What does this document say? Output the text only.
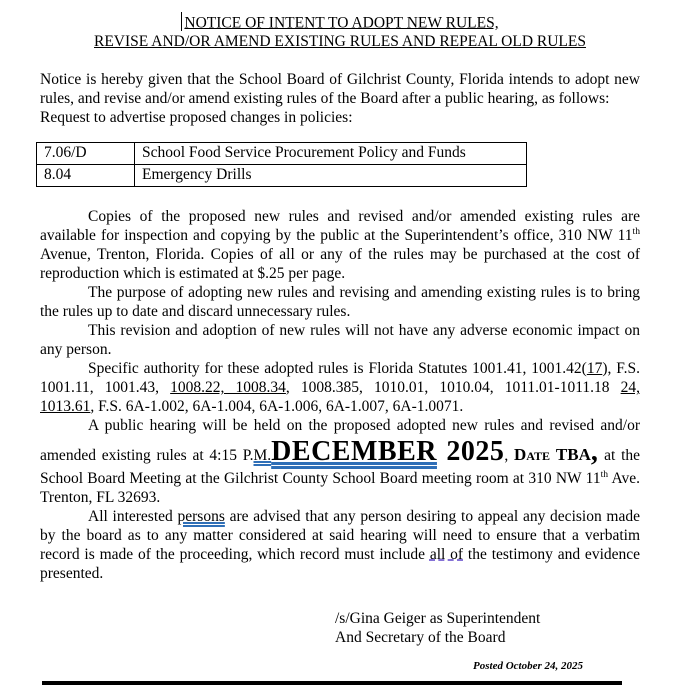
NOTICE OF INTENT TO ADOPT NEW RULES,
REVISE AND/OR AMEND EXISTING RULES AND REPEAL OLD RULES

Notice is hereby given that the School Board of Gilchrist County, Florida intends to adopt new rules, and revise and/or amend existing rules of the Board after a public hearing, as follows:

Request to advertise proposed changes in policies:

7.06/D	School Food Service Procurement Policy and Funds
8.04	Emergency Drills

Copies of the proposed new rules and revised and/or amended existing rules are available for inspection and copying by the public at the Superintendent’s office, 310 NW 11th Avenue, Trenton, Florida. Copies of all or any of the rules may be purchased at the cost of reproduction which is estimated at $.25 per page.

The purpose of adopting new rules and revising and amending existing rules is to bring the rules up to date and discard unnecessary rules.

This revision and adoption of new rules will not have any adverse economic impact on any person.

Specific authority for these adopted rules is Florida Statutes 1001.41, 1001.42(17), F.S. 1001.11, 1001.43, 1008.22, 1008.34, 1008.385, 1010.01, 1010.04, 1011.01-1011.18 24, 1013.61, F.S. 6A-1.002, 6A-1.004, 6A-1.006, 6A-1.007, 6A-1.0071.

A public hearing will be held on the proposed adopted new rules and revised and/or amended existing rules at 4:15 P.M.DECEMBER 2025, Date TBA, at the School Board Meeting at the Gilchrist County School Board meeting room at 310 NW 11th Ave. Trenton, FL 32693.

All interested persons are advised that any person desiring to appeal any decision made by the board as to any matter considered at said hearing will need to ensure that a verbatim record is made of the proceeding, which record must include all of the testimony and evidence presented.

/s/Gina Geiger as Superintendent
And Secretary of the Board
Posted October 24, 2025
